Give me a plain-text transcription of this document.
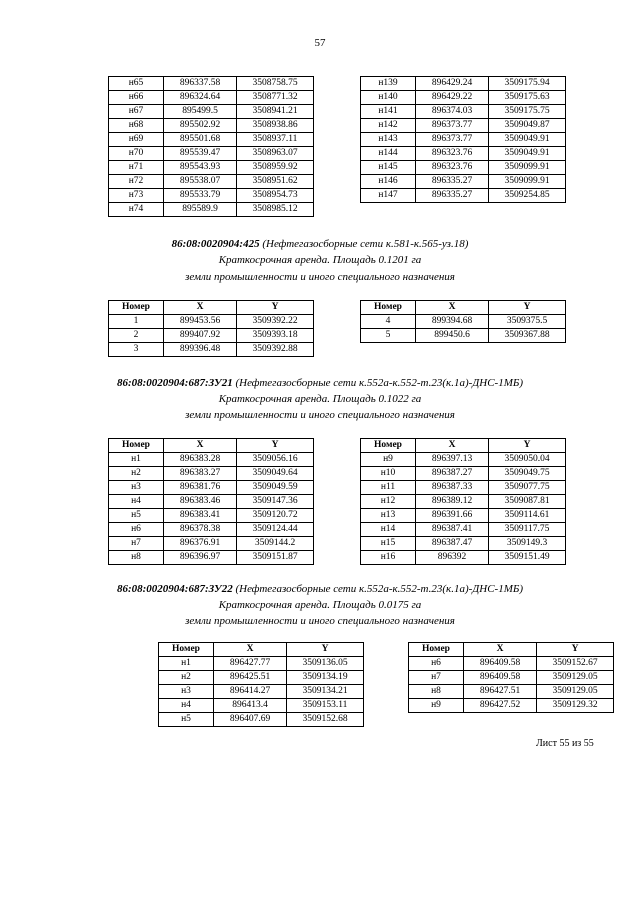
57
н65	896337.58	3508758.75
н66	896324.64	3508771.32
н67	895499.5	3508941.21
н68	895502.92	3508938.86
н69	895501.68	3508937.11
н70	895539.47	3508963.07
н71	895543.93	3508959.92
н72	895538.07	3508951.62
н73	895533.79	3508954.73
н74	895589.9	3508985.12
н139	896429.24	3509175.94
н140	896429.22	3509175.63
н141	896374.03	3509175.75
н142	896373.77	3509049.87
н143	896373.77	3509049.91
н144	896323.76	3509049.91
н145	896323.76	3509099.91
н146	896335.27	3509099.91
н147	896335.27	3509254.85
86:08:0020904:425 (Нефтегазосборные сети к.581-к.565-уз.18)
Краткосрочная аренда. Площадь 0.1201 га
земли промышленности и иного специального назначения
Номер	X	Y
1	899453.56	3509392.22
2	899407.92	3509393.18
3	899396.48	3509392.88
Номер	X	Y
4	899394.68	3509375.5
5	899450.6	3509367.88
86:08:0020904:687:ЗУ21 (Нефтегазосборные сети к.552а-к.552-т.23(к.1а)-ДНС-1МБ)
Краткосрочная аренда. Площадь 0.1022 га
земли промышленности и иного специального назначения
Номер	X	Y
н1	896383.28	3509056.16
н2	896383.27	3509049.64
н3	896381.76	3509049.59
н4	896383.46	3509147.36
н5	896383.41	3509120.72
н6	896378.38	3509124.44
н7	896376.91	3509144.2
н8	896396.97	3509151.87
Номер	X	Y
н9	896397.13	3509050.04
н10	896387.27	3509049.75
н11	896387.33	3509077.75
н12	896389.12	3509087.81
н13	896391.66	3509114.61
н14	896387.41	3509117.75
н15	896387.47	3509149.3
н16	896392	3509151.49
86:08:0020904:687:ЗУ22 (Нефтегазосборные сети к.552а-к.552-т.23(к.1а)-ДНС-1МБ)
Краткосрочная аренда. Площадь 0.0175 га
земли промышленности и иного специального назначения
Номер	X	Y
н1	896427.77	3509136.05
н2	896425.51	3509134.19
н3	896414.27	3509134.21
н4	896413.4	3509153.11
н5	896407.69	3509152.68
Номер	X	Y
н6	896409.58	3509152.67
н7	896409.58	3509129.05
н8	896427.51	3509129.05
н9	896427.52	3509129.32
Лист 55 из 55
